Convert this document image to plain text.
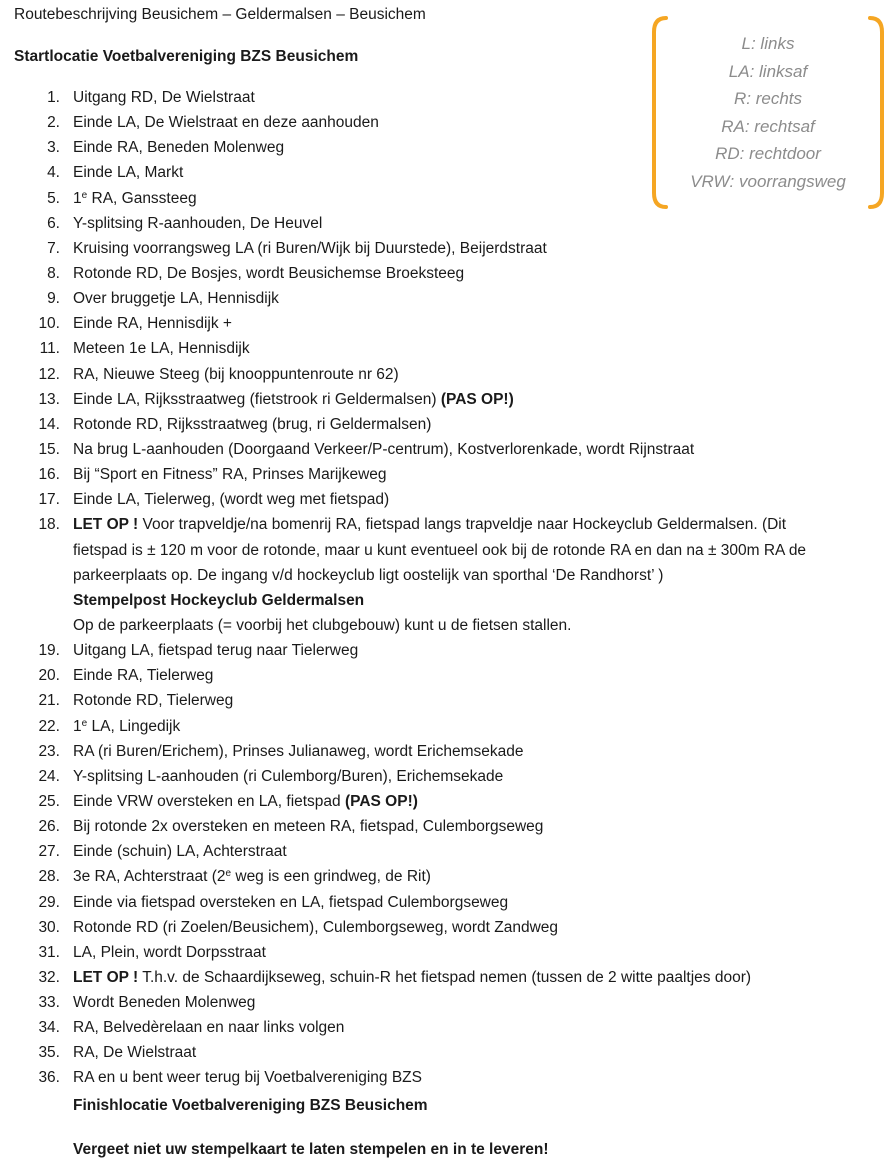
Routebeschrijving Beusichem – Geldermalsen – Beusichem
Startlocatie Voetbalvereniging BZS Beusichem
L: links
LA: linksaf
R: rechts
RA: rechtsaf
RD: rechtdoor
VRW: voorrangsweg
1. Uitgang RD, De Wielstraat
2. Einde LA, De Wielstraat en deze aanhouden
3. Einde RA, Beneden Molenweg
4. Einde LA, Markt
5. 1e RA, Ganssteeg
6. Y-splitsing R-aanhouden, De Heuvel
7. Kruising voorrangsweg LA (ri Buren/Wijk bij Duurstede), Beijerdstraat
8. Rotonde RD, De Bosjes, wordt Beusichemse Broeksteeg
9. Over bruggetje LA, Hennisdijk
10. Einde RA, Hennisdijk +
11. Meteen 1e LA, Hennisdijk
12. RA, Nieuwe Steeg (bij knooppuntenroute nr 62)
13. Einde LA, Rijksstraatweg (fietstrook ri Geldermalsen) (PAS OP!)
14. Rotonde RD, Rijksstraatweg (brug, ri Geldermalsen)
15. Na brug L-aanhouden (Doorgaand Verkeer/P-centrum), Kostverlorenkade, wordt Rijnstraat
16. Bij “Sport en Fitness” RA, Prinses Marijkeweg
17. Einde LA, Tielerweg, (wordt weg met fietspad)
18. LET OP ! Voor trapveldje/na bomenrij RA, fietspad langs trapveldje naar Hockeyclub Geldermalsen. (Dit
fietspad is ± 120 m voor de rotonde, maar u kunt eventueel ook bij de rotonde RA en dan na ± 300m RA de
parkeerplaats op. De ingang v/d hockeyclub ligt oostelijk van sporthal ‘De Randhorst’ )
Stempelpost Hockeyclub Geldermalsen
Op de parkeerplaats (= voorbij het clubgebouw) kunt u de fietsen stallen.
19. Uitgang LA, fietspad terug naar Tielerweg
20. Einde RA, Tielerweg
21. Rotonde RD, Tielerweg
22. 1e LA, Lingedijk
23. RA (ri Buren/Erichem), Prinses Julianaweg, wordt Erichemsekade
24. Y-splitsing L-aanhouden (ri Culemborg/Buren), Erichemsekade
25. Einde VRW oversteken en LA, fietspad (PAS OP!)
26. Bij rotonde 2x oversteken en meteen RA, fietspad, Culemborgseweg
27. Einde (schuin) LA, Achterstraat
28. 3e RA, Achterstraat (2e weg is een grindweg, de Rit)
29. Einde via fietspad oversteken en LA, fietspad Culemborgseweg
30. Rotonde RD (ri Zoelen/Beusichem), Culemborgseweg, wordt Zandweg
31. LA, Plein, wordt Dorpsstraat
32. LET OP ! T.h.v. de Schaardijkseweg, schuin-R het fietspad nemen (tussen de 2 witte paaltjes door)
33. Wordt Beneden Molenweg
34. RA, Belvedèrelaan en naar links volgen
35. RA, De Wielstraat
36. RA en u bent weer terug bij Voetbalvereniging BZS
Finishlocatie Voetbalvereniging BZS Beusichem
Vergeet niet uw stempelkaart te laten stempelen en in te leveren!
